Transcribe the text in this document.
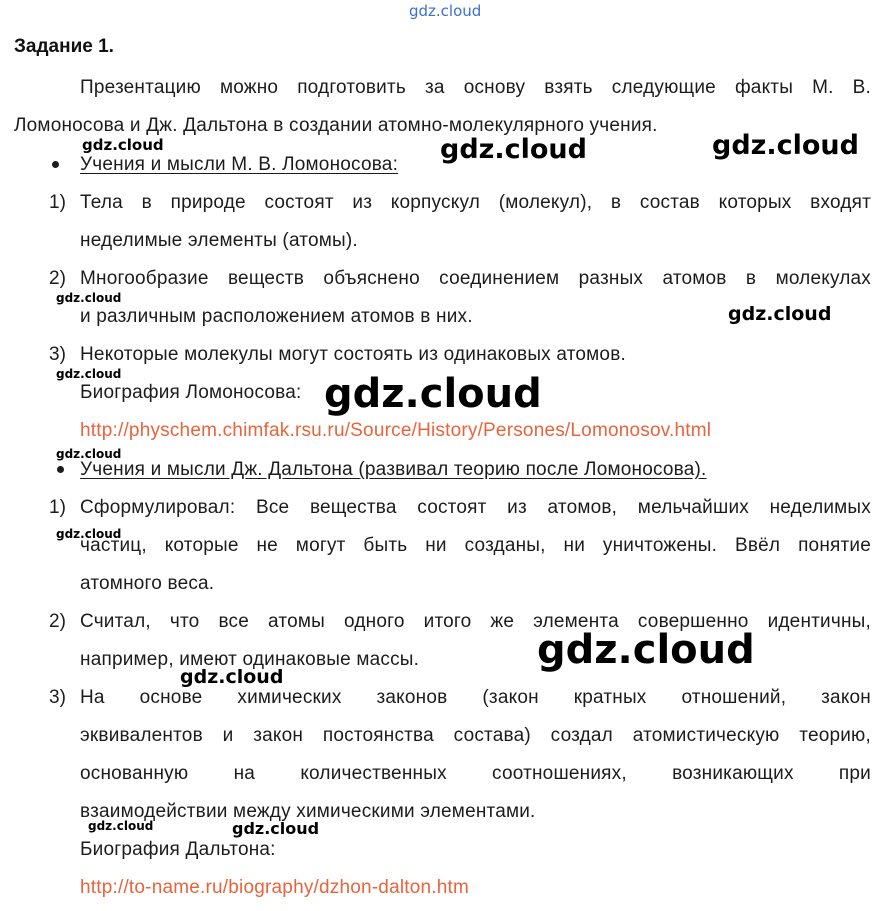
Задание 1.
Презентацию можно подготовить за основу взять следующие факты М. В.
Ломоносова и Дж. Дальтона в создании атомно-молекулярного учения.
Учения и мысли М. В. Ломоносова:
1) Тела в природе состоят из корпускул (молекул), в состав которых входят
неделимые элементы (атомы).
2) Многообразие веществ объяснено соединением разных атомов в молекулах
и различным расположением атомов в них.
3) Некоторые молекулы могут состоять из одинаковых атомов.
Биография Ломоносова:
http://physchem.chimfak.rsu.ru/Source/History/Persones/Lomonosov.html
Учения и мысли Дж. Дальтона (развивал теорию после Ломоносова).
1) Сформулировал: Все вещества состоят из атомов, мельчайших неделимых
частиц, которые не могут быть ни созданы, ни уничтожены. Ввёл понятие
атомного веса.
2) Считал, что все атомы одного итого же элемента совершенно идентичны,
например, имеют одинаковые массы.
3) На основе химических законов (закон кратных отношений, закон
эквивалентов и закон постоянства состава) создал атомистическую теорию,
основанную на количественных соотношениях, возникающих при
взаимодействии между химическими элементами.
Биография Дальтона:
http://to-name.ru/biography/dzhon-dalton.htm
gdz.cloud
gdz.cloud	gdz.cloud	gdz.cloud
gdz.cloud
gdz.cloud
gdz.cloud	gdz.cloud
gdz.cloud
gdz.cloud
gdz.cloud
gdz.cloud
gdz.cloud	gdz.cloud
